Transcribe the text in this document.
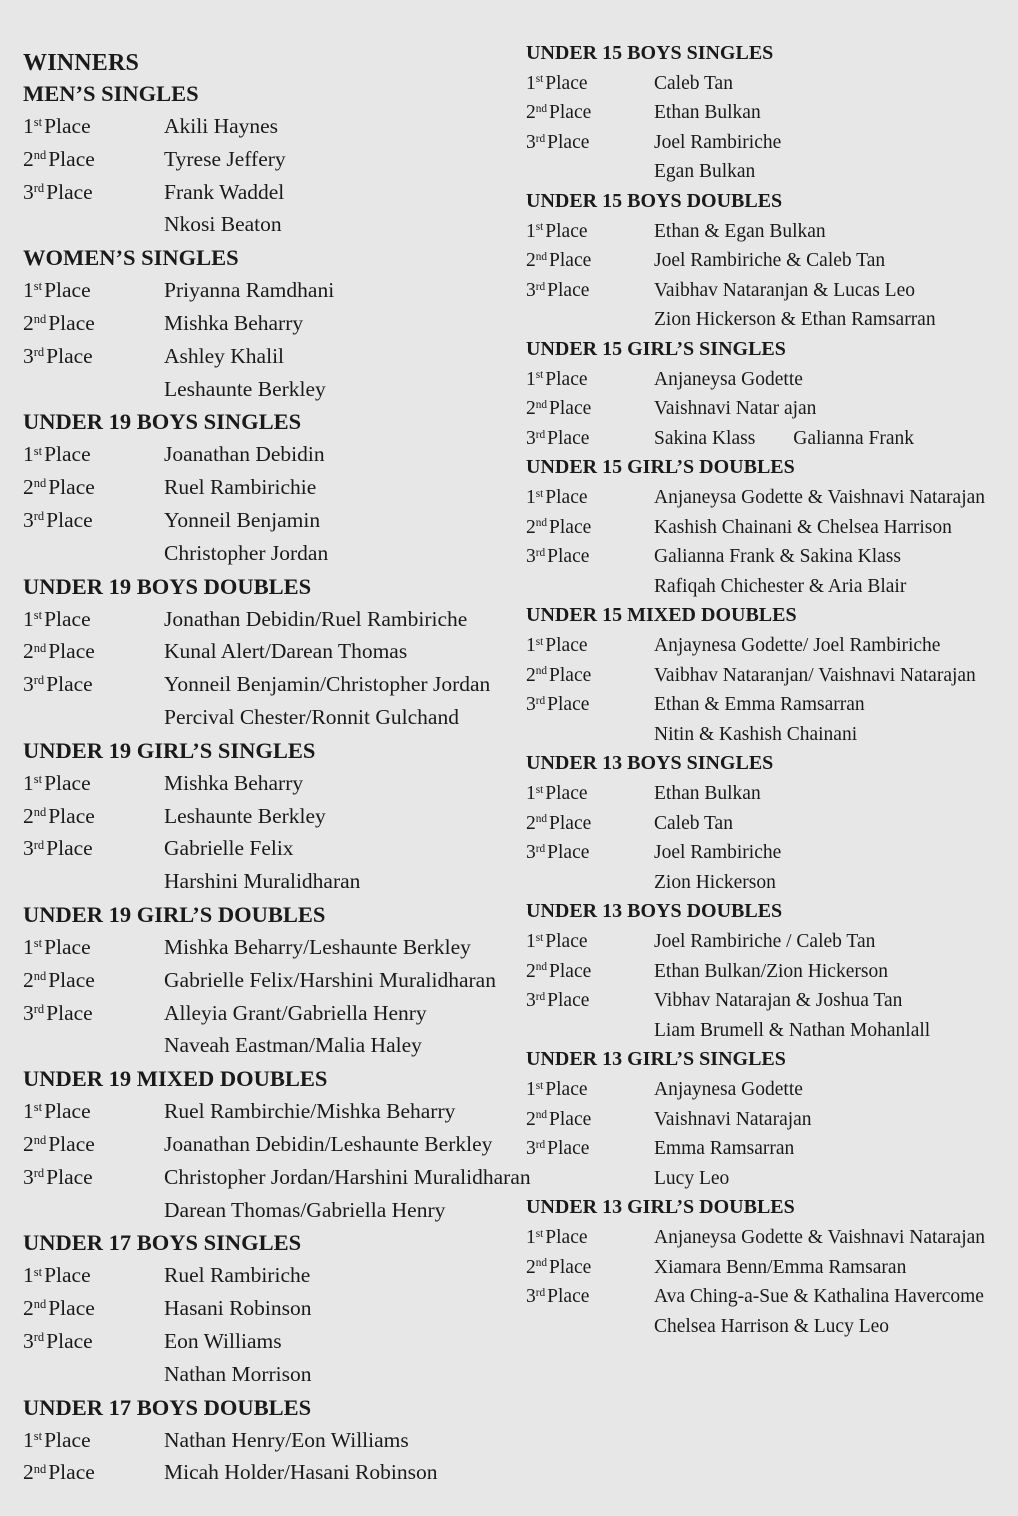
WINNERS
MEN’S SINGLES
1stPlace	Akili Haynes
2ndPlace	Tyrese Jeffery
3rdPlace	Frank Waddel
Nkosi Beaton
WOMEN’S SINGLES
1stPlace	Priyanna Ramdhani
2ndPlace	Mishka Beharry
3rdPlace	Ashley Khalil
Leshaunte Berkley
UNDER 19 BOYS SINGLES
1stPlace	Joanathan Debidin
2ndPlace	Ruel Rambirichie
3rdPlace	Yonneil Benjamin
Christopher Jordan
UNDER 19 BOYS DOUBLES
1stPlace	Jonathan Debidin/Ruel Rambiriche
2ndPlace	Kunal Alert/Darean Thomas
3rdPlace	Yonneil Benjamin/Christopher Jordan
Percival Chester/Ronnit Gulchand
UNDER 19 GIRL’S SINGLES
1stPlace	Mishka Beharry
2ndPlace	Leshaunte Berkley
3rdPlace	Gabrielle Felix
Harshini Muralidharan
UNDER 19 GIRL’S DOUBLES
1stPlace	Mishka Beharry/Leshaunte Berkley
2ndPlace	Gabrielle Felix/Harshini Muralidharan
3rdPlace	Alleyia Grant/Gabriella Henry
Naveah Eastman/Malia Haley
UNDER 19 MIXED DOUBLES
1stPlace	Ruel Rambirchie/Mishka Beharry
2ndPlace	Joanathan Debidin/Leshaunte Berkley
3rdPlace	Christopher Jordan/Harshini Muralidharan
Darean Thomas/Gabriella Henry
UNDER 17 BOYS SINGLES
1stPlace	Ruel Rambiriche
2ndPlace	Hasani Robinson
3rdPlace	Eon Williams
Nathan Morrison
UNDER 17 BOYS DOUBLES
1stPlace	Nathan Henry/Eon Williams
2ndPlace	Micah Holder/Hasani Robinson
UNDER 15 BOYS SINGLES
1st Place	Caleb Tan
2nd Place	Ethan Bulkan
3rd Place	Joel Rambiriche
Egan Bulkan
UNDER 15 BOYS DOUBLES
1st Place	Ethan & Egan Bulkan
2nd Place	Joel Rambiriche & Caleb Tan
3rd Place	Vaibhav Nataranjan & Lucas Leo
Zion Hickerson & Ethan Ramsarran
UNDER 15 GIRL’S SINGLES
1st Place	Anjaneysa Godette
2nd Place	Vaishnavi Natar ajan
3rd Place	Sakina Klass Galianna Frank
UNDER 15 GIRL’S DOUBLES
1st Place	Anjaneysa Godette & Vaishnavi Natarajan
2nd Place	Kashish Chainani & Chelsea Harrison
3rd Place	Galianna Frank & Sakina Klass
Rafiqah Chichester & Aria Blair
UNDER 15 MIXED DOUBLES
1st Place	Anjaynesa Godette/ Joel Rambiriche
2nd Place	Vaibhav Nataranjan/ Vaishnavi Natarajan
3rd Place	Ethan & Emma Ramsarran
Nitin & Kashish Chainani
UNDER 13 BOYS SINGLES
1st Place	Ethan Bulkan
2nd Place	Caleb Tan
3rd Place	Joel Rambiriche
Zion Hickerson
UNDER 13 BOYS DOUBLES
1st Place	Joel Rambiriche / Caleb Tan
2nd Place	Ethan Bulkan/Zion Hickerson
3rd Place	Vibhav Natarajan & Joshua Tan
Liam Brumell & Nathan Mohanlall
UNDER 13 GIRL’S SINGLES
1st Place	Anjaynesa Godette
2nd Place	Vaishnavi Natarajan
3rd Place	Emma Ramsarran
Lucy Leo
UNDER 13 GIRL’S DOUBLES
1st Place	Anjaneysa Godette & Vaishnavi Natarajan
2nd Place	Xiamara Benn/Emma Ramsaran
3rd Place	Ava Ching-a-Sue & Kathalina Havercome
Chelsea Harrison & Lucy Leo
